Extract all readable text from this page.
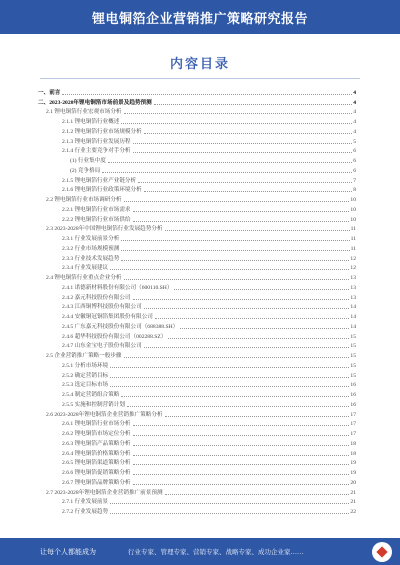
锂电铜箔企业营销推广策略研究报告
内容目录
一、前言	4
二、2023-2028年锂电铜箔市场前景及趋势预测	4
2.1 锂电铜箔行业宏观市场分析	4
2.1.1 锂电铜箔行业概述	4
2.1.2 锂电铜箔行业市场规模分析	4
2.1.3 锂电铜箔行业发展历程	5
2.1.4 行业主要竞争对手分析	6
(1) 行业集中度	6
(2) 竞争格局	6
2.1.5 锂电铜箔行业产业链分析	7
2.1.6 锂电铜箔行业政策环境分析	8
2.2 锂电铜箔行业市场调研分析	10
2.2.1 锂电铜箔行业市场需求	10
2.2.2 锂电铜箔行业市场供给	10
2.3 2023-2028年中国锂电铜箔行业发展趋势分析	11
2.3.1 行业发展前景分析	11
2.3.2 行业市场规模预测	11
2.3.3 行业技术发展趋势	12
2.3.4 行业发展建议	12
2.4 锂电铜箔行业重点企业分析	13
2.4.1 诺德新材料股份有限公司（600110.SH）	13
2.4.2 嘉元科技股份有限公司	13
2.4.3 江西铜博科技股份有限公司	14
2.4.4 安徽铜冠铜箔集团股份有限公司	14
2.4.5 广东嘉元科技股份有限公司（688388.SH）	14
2.4.6 超华科技股份有限公司（002288.SZ）	15
2.4.7 山东金宝电子股份有限公司	15
2.5 企业营销推广策略一般步骤	15
2.5.1 分析市场环境	15
2.5.2 确定营销目标	15
2.5.3 选定目标市场	16
2.5.4 制定营销组合策略	16
2.5.5 实施和控制营销计划	16
2.6 2023-2028年锂电铜箔企业营销推广策略分析	17
2.6.1 锂电铜箔行业市场分析	17
2.6.2 锂电铜箔市场定位分析	17
2.6.3 锂电铜箔产品策略分析	18
2.6.4 锂电铜箔价格策略分析	18
2.6.5 锂电铜箔渠道策略分析	19
2.6.6 锂电铜箔促销策略分析	19
2.6.7 锂电铜箔品牌策略分析	20
2.7 2023-2028年锂电铜箔企业营销推广前景预测	21
2.7.1 行业发展前景	21
2.7.2 行业发展趋势	22
让每个人都能成为	行业专家、管理专家、营销专家、战略专家、成功企业家……
